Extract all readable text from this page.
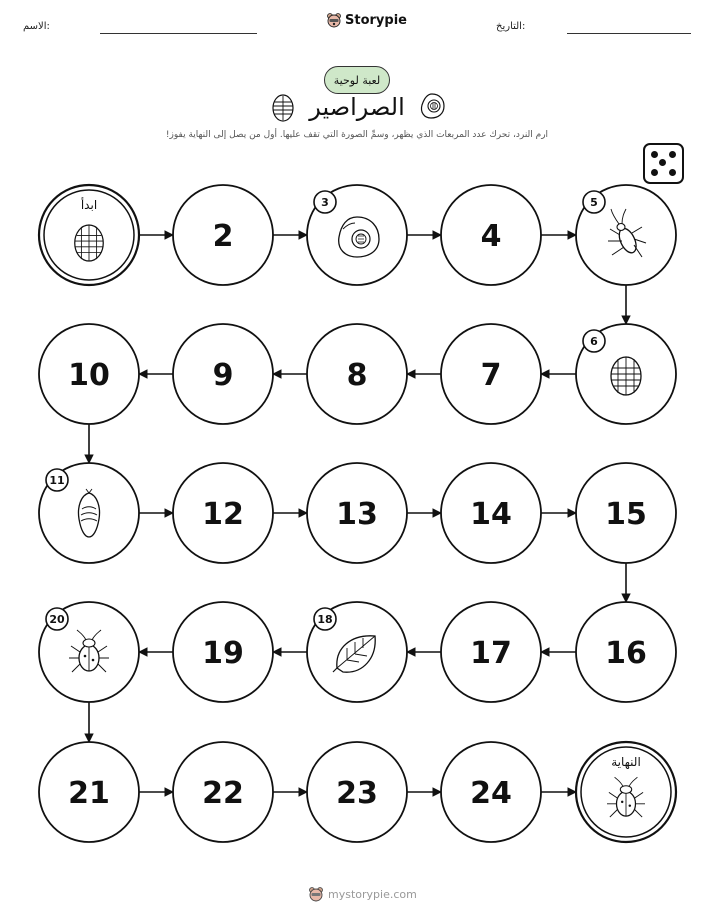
الاسم:	Storypie	التاريخ:
لعبة لوحية
الصراصير
ارم النرد، تحرك عدد المربعات الذي يظهر، وسمِّ الصورة التي تقف عليها. أول من يصل إلى النهاية يفوز!
ابدأ
2
3
4
5
6
7
8
9
10
11
12	13	14	15
16
17
18
19
20
21	22	23	24
النهاية
mystorypie.com
